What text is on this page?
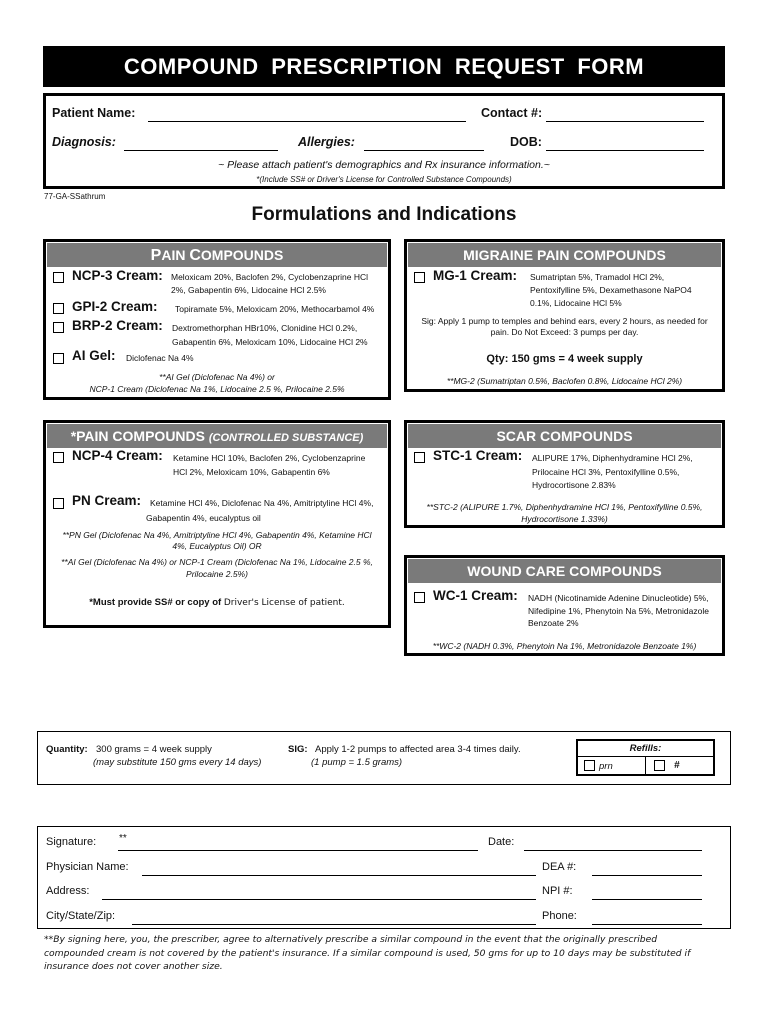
COMPOUND PRESCRIPTION REQUEST FORM
Patient Name:	Contact #:
Diagnosis:	Allergies:	DOB:
~ Please attach patient's demographics and Rx insurance information.~
*(Include SS# or Driver's License for Controlled Substance Compounds)
77-GA-SSathrum
Formulations and Indications
PAIN COMPOUNDS
NCP-3 Cream: Meloxicam 20%, Baclofen 2%, Cyclobenzaprine HCl
2%, Gabapentin 6%, Lidocaine HCl 2.5%
GPI-2 Cream: Topiramate 5%, Meloxicam 20%, Methocarbamol 4%
BRP-2 Cream: Dextromethorphan HBr10%, Clonidine HCl 0.2%,
Gabapentin 6%, Meloxicam 10%, Lidocaine HCl 2%
AI Gel: Diclofenac Na 4%
**AI Gel (Diclofenac Na 4%) or
NCP-1 Cream (Diclofenac Na 1%, Lidocaine 2.5 %, Prilocaine 2.5%
MIGRAINE PAIN COMPOUNDS
MG-1 Cream: Sumatriptan 5%, Tramadol HCl 2%,
Pentoxifylline 5%, Dexamethasone NaPO4
0.1%, Lidocaine HCl 5%
Sig: Apply 1 pump to temples and behind ears, every 2 hours, as needed for
pain. Do Not Exceed: 3 pumps per day.
Qty: 150 gms = 4 week supply
**MG-2 (Sumatriptan 0.5%, Baclofen 0.8%, Lidocaine HCl 2%)
*PAIN COMPOUNDS (CONTROLLED SUBSTANCE)
NCP-4 Cream: Ketamine HCl 10%, Baclofen 2%, Cyclobenzaprine
HCl 2%, Meloxicam 10%, Gabapentin 6%
PN Cream: Ketamine HCl 4%, Diclofenac Na 4%, Amitriptyline HCl 4%,
Gabapentin 4%, eucalyptus oil
**PN Gel (Diclofenac Na 4%, Amitriptyline HCl 4%, Gabapentin 4%, Ketamine HCl
4%, Eucalyptus Oil) OR
**AI Gel (Diclofenac Na 4%) or NCP-1 Cream (Diclofenac Na 1%, Lidocaine 2.5 %,
Prilocaine 2.5%)
*Must provide SS# or copy of Driver's License of patient.
SCAR COMPOUNDS
STC-1 Cream: ALIPURE 17%, Diphenhydramine HCl 2%,
Prilocaine HCl 3%, Pentoxifylline 0.5%,
Hydrocortisone 2.83%
**STC-2 (ALIPURE 1.7%, Diphenhydramine HCl 1%, Pentoxifylline 0.5%,
Hydrocortisone 1.33%)
WOUND CARE COMPOUNDS
WC-1 Cream: NADH (Nicotinamide Adenine Dinucleotide) 5%,
Nifedipine 1%, Phenytoin Na 5%, Metronidazole
Benzoate 2%
**WC-2 (NADH 0.3%, Phenytoin Na 1%, Metronidazole Benzoate 1%)
Quantity: 300 grams = 4 week supply
(may substitute 150 gms every 14 days)
SIG: Apply 1-2 pumps to affected area 3-4 times daily.
(1 pump = 1.5 grams)
Refills:
prn	#
Signature: **	Date:
Physician Name:	DEA #:
Address:	NPI #:
City/State/Zip:	Phone:
**By signing here, you, the prescriber, agree to alternatively prescribe a similar compound in the event that the originally prescribed compounded cream is not covered by the patient's insurance. If a similar compound is used, 50 gms for up to 10 days may be substituted if insurance does not cover another size.
